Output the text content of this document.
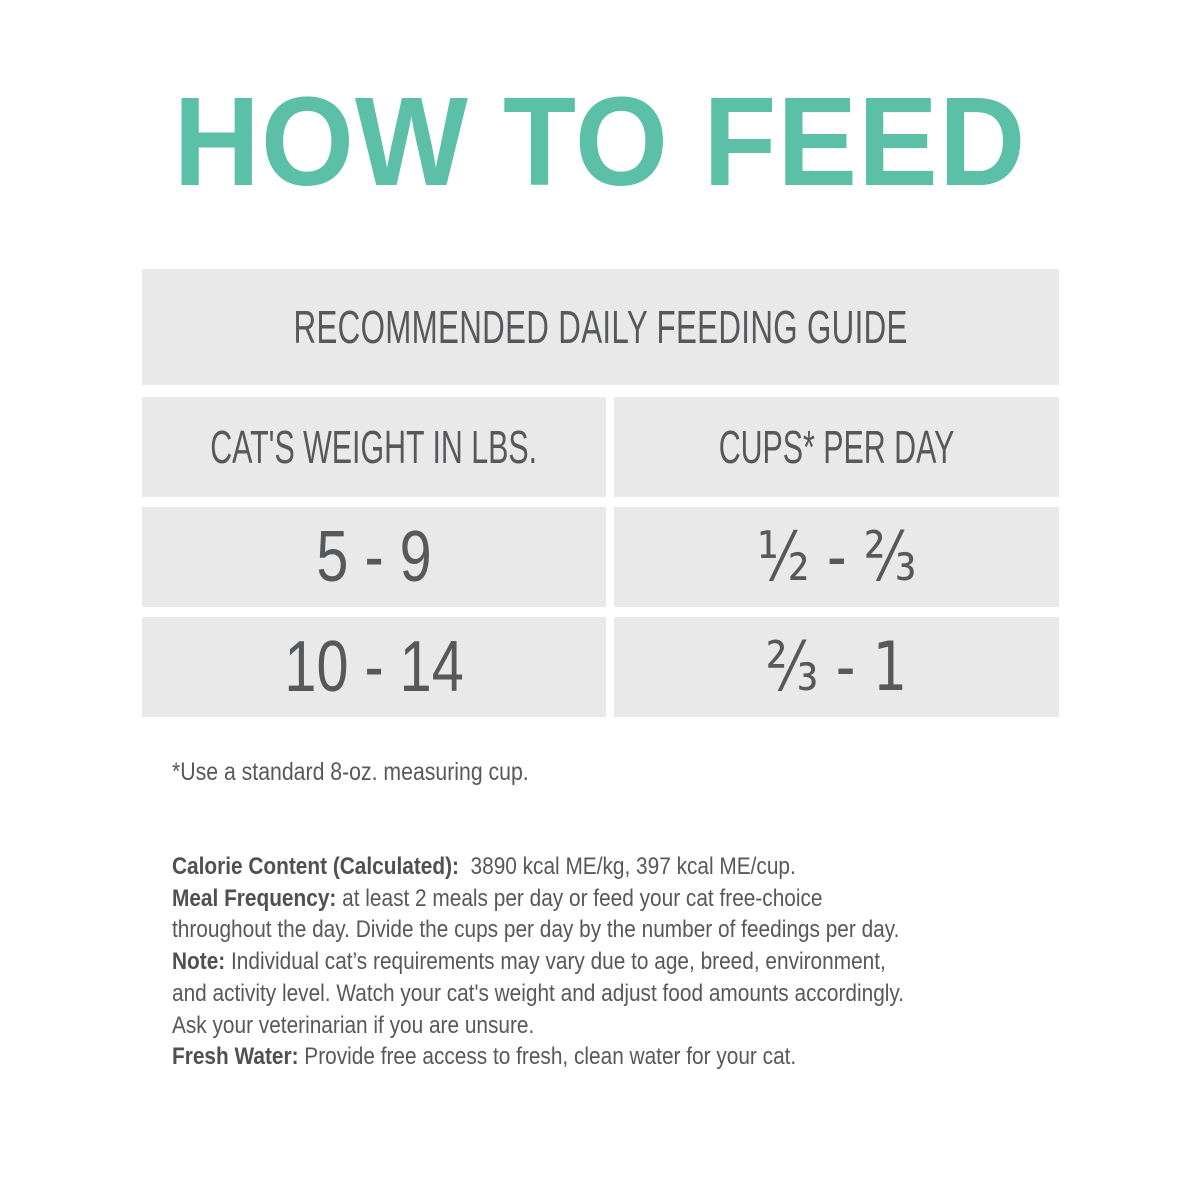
HOW TO FEED
RECOMMENDED DAILY FEEDING GUIDE
CAT'S WEIGHT IN LBS.	CUPS* PER DAY
5 - 9	½ - ⅔
10 - 14	⅔ - 1
*Use a standard 8-oz. measuring cup.
Calorie Content (Calculated):  3890 kcal ME/kg, 397 kcal ME/cup.
Meal Frequency: at least 2 meals per day or feed your cat free-choice
throughout the day. Divide the cups per day by the number of feedings per day.
Note: Individual cat’s requirements may vary due to age, breed, environment,
and activity level. Watch your cat's weight and adjust food amounts accordingly.
Ask your veterinarian if you are unsure.
Fresh Water: Provide free access to fresh, clean water for your cat.
